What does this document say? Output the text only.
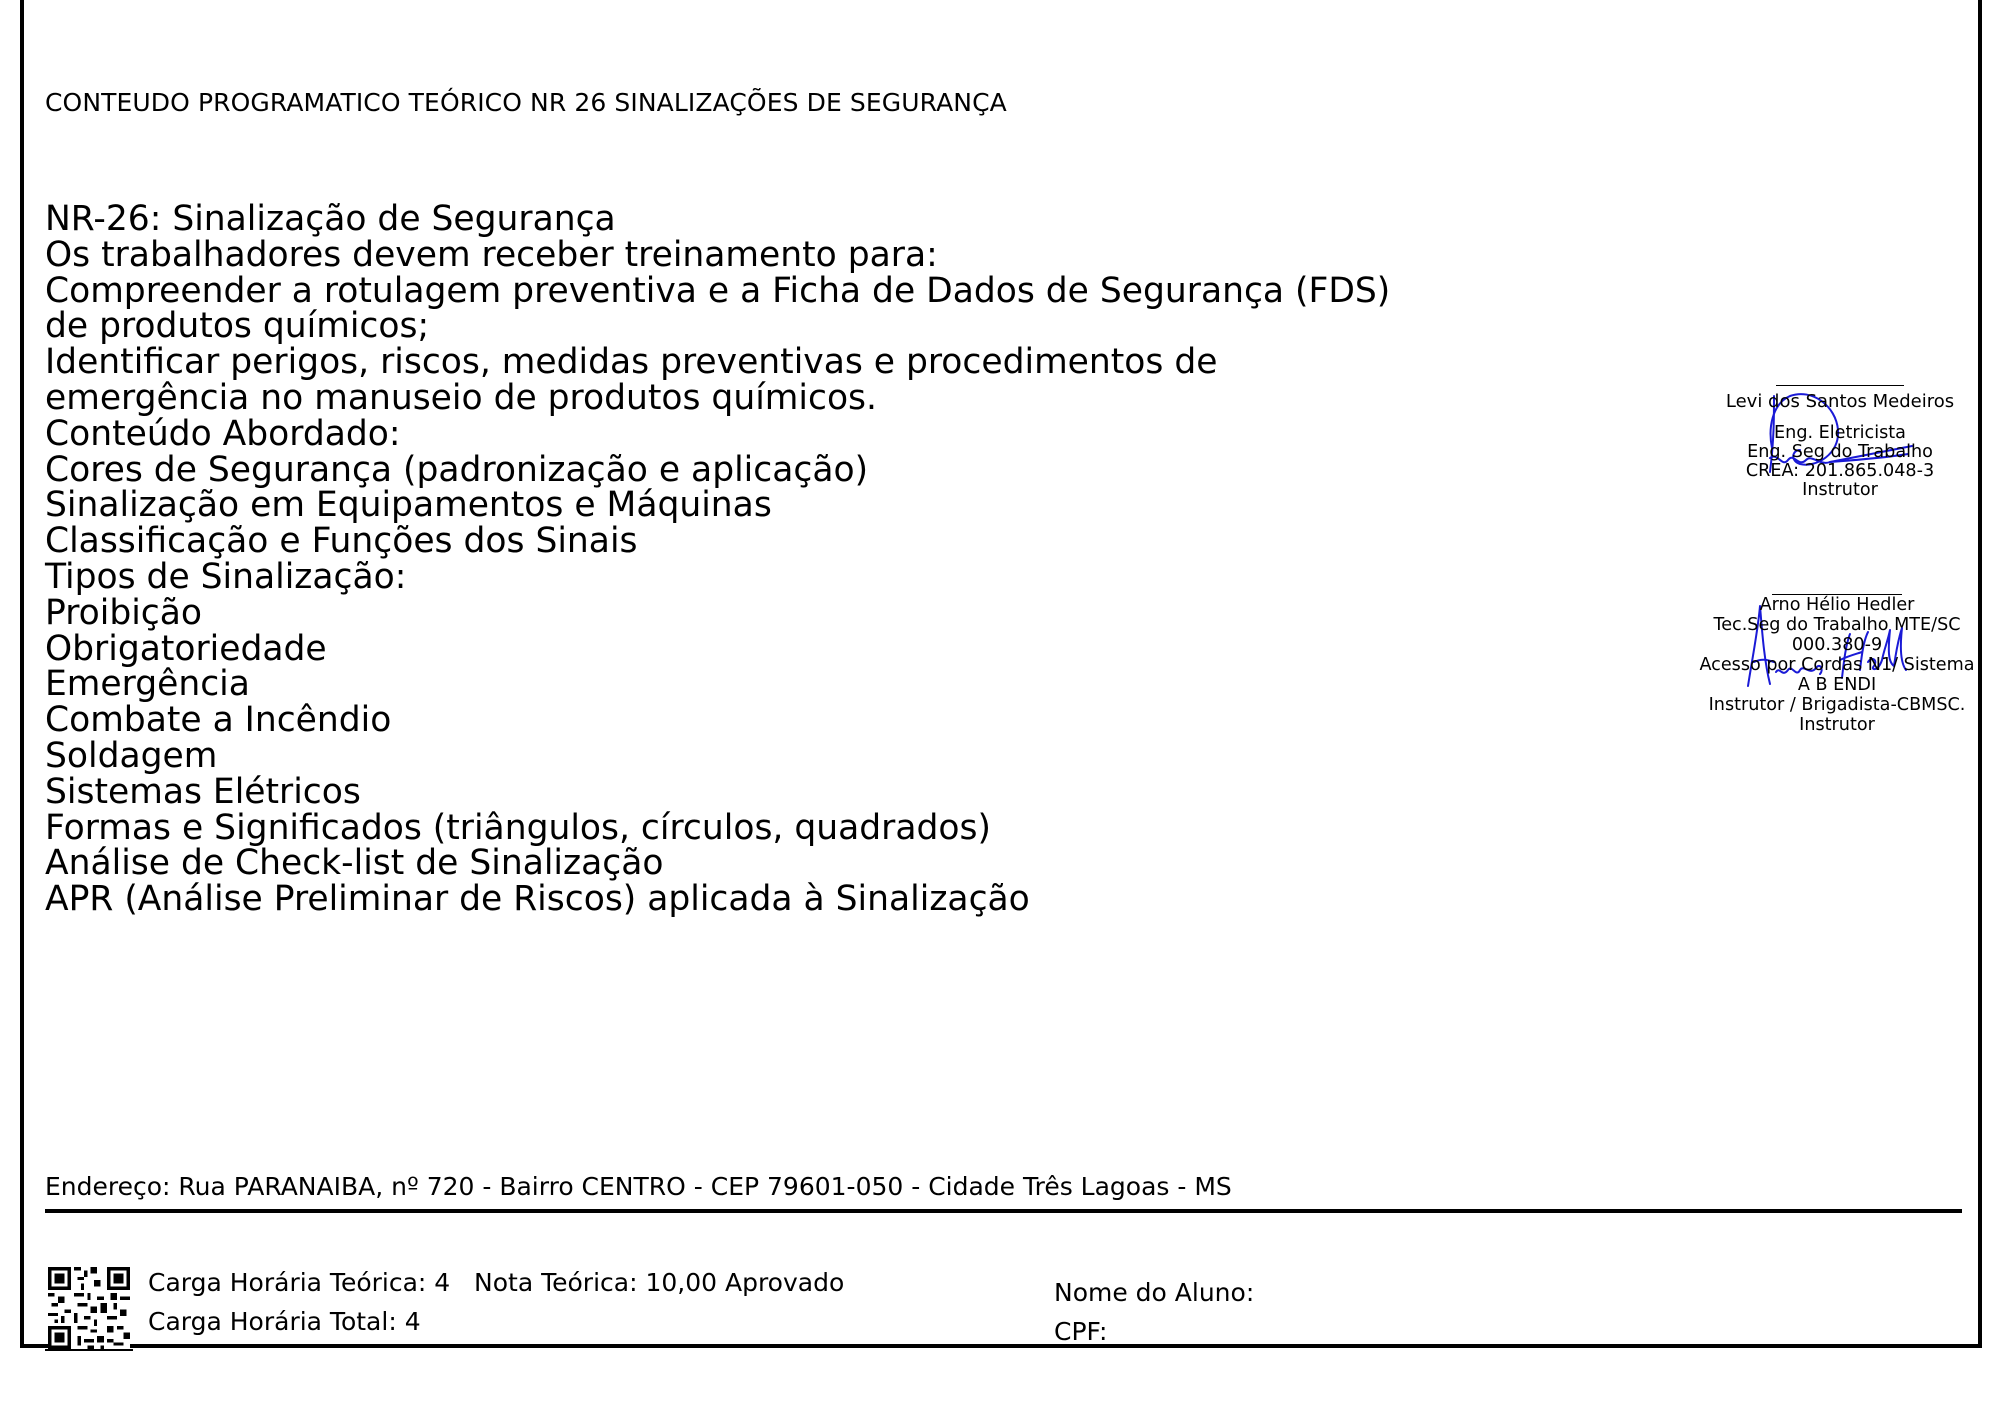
CONTEUDO PROGRAMATICO TEÓRICO NR 26 SINALIZAÇÕES DE SEGURANÇA
NR-26: Sinalização de Segurança
Os trabalhadores devem receber treinamento para:
Compreender a rotulagem preventiva e a Ficha de Dados de Segurança (FDS)
de produtos químicos;
Identificar perigos, riscos, medidas preventivas e procedimentos de
emergência no manuseio de produtos químicos.
Conteúdo Abordado:
Cores de Segurança (padronização e aplicação)
Sinalização em Equipamentos e Máquinas
Classificação e Funções dos Sinais
Tipos de Sinalização:
Proibição
Obrigatoriedade
Emergência
Combate a Incêndio
Soldagem
Sistemas Elétricos
Formas e Significados (triângulos, círculos, quadrados)
Análise de Check-list de Sinalização
APR (Análise Preliminar de Riscos) aplicada à Sinalização
Levi dos Santos Medeiros
Eng. Eletricista
Eng. Seg do Trabalho
CREA: 201.865.048-3
Instrutor
Arno Hélio Hedler
Tec.Seg do Trabalho MTE/SC
000.380-9
Acesso por Cordas N1/ Sistema
A B ENDI
Instrutor / Brigadista-CBMSC.
Instrutor
Endereço: Rua PARANAIBA, nº 720 - Bairro CENTRO - CEP 79601-050 - Cidade Três Lagoas - MS
Carga Horária Teórica: 4   Nota Teórica: 10,00 Aprovado
Carga Horária Total: 4
Nome do Aluno:
CPF:
